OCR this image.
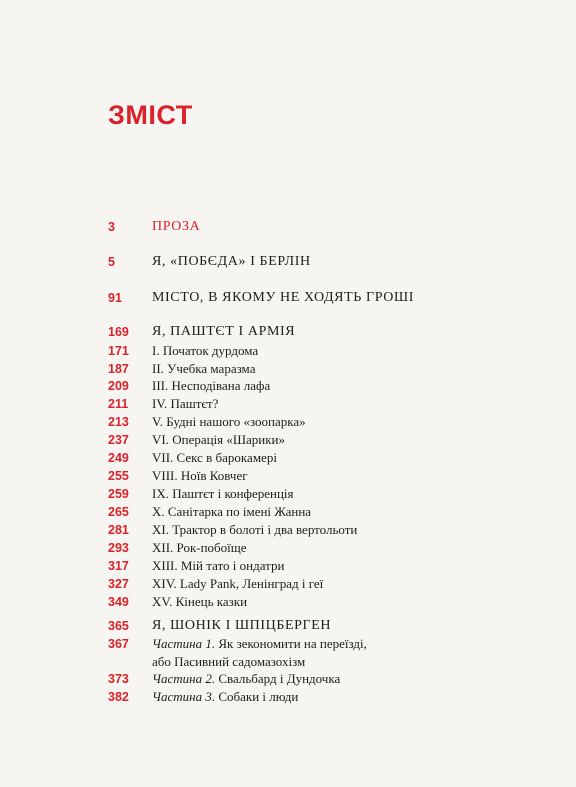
ЗМІСТ
3	ПРОЗА
5	Я, «ПОБЄДА» І БЕРЛІН
91 МІСТО, В ЯКОМУ НЕ ХОДЯТЬ ГРОШІ
169 Я, ПАШТЄТ І АРМІЯ
171 I. Початок дурдома
187 II. Учебка маразма
209 III. Несподівана лафа
211 IV. Паштєт?
213 V. Будні нашого «зоопарка»
237 VI. Операція «Шарики»
249 VII. Секс в барокамері
255 VIII. Ноїв Ковчег
259 IX. Паштєт і конференція
265 X. Санітарка по імені Жанна
281 XI. Трактор в болоті і два вертольоти
293 XII. Рок-побоїще
317 XIII. Мій тато і ондатри
327 XIV. Lady Pank, Ленінград і геї
349 XV. Кінець казки
365 Я, ШОНІК І ШПІЦБЕРГЕН
367 Частина 1. Як зекономити на переїзді,
або Пасивний садомазохізм
373 Частина 2. Свальбард і Дундочка
382 Частина 3. Собаки і люди
